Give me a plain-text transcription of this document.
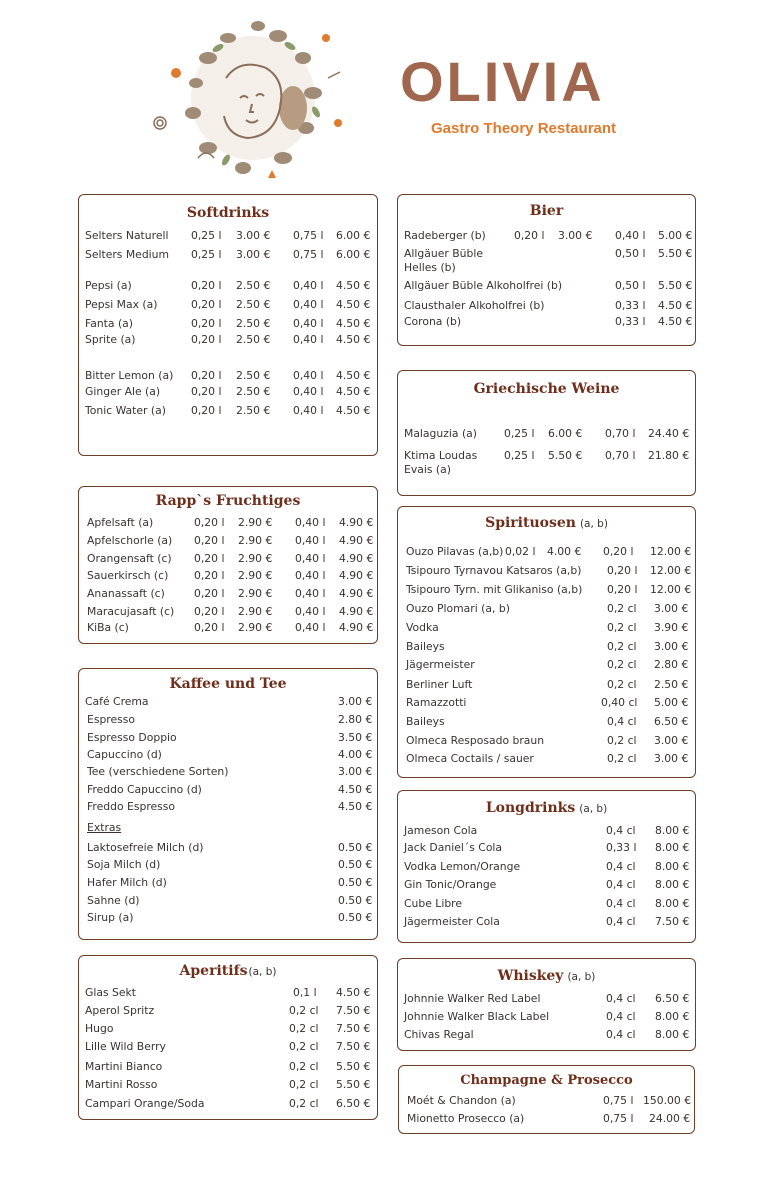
OLIVIA
Gastro Theory Restaurant
Softdrinks
Selters Naturell 0,25 l 3.00 € 0,75 l 6.00 €
Selters Medium 0,25 l 3.00 € 0,75 l 6.00 €
Pepsi (a)	0,20 l 2.50 € 0,40 l 4.50 €
Pepsi Max (a)	0,20 l 2.50 € 0,40 l 4.50 €
Fanta (a)	0,20 l 2.50 € 0,40 l 4.50 €
Sprite (a)	0,20 l 2.50 € 0,40 l 4.50 €
Bitter Lemon (a) 0,20 l 2.50 € 0,40 l 4.50 €
Ginger Ale (a)	0,20 l 2.50 € 0,40 l 4.50 €
Tonic Water (a) 0,20 l 2.50 € 0,40 l 4.50 €
Rapp`s Fruchtiges
Apfelsaft (a)	0,20 l 2.90 € 0,40 l 4.90 €
Apfelschorle (a) 0,20 l 2.90 € 0,40 l 4.90 €
Orangensaft (c) 0,20 l 2.90 € 0,40 l 4.90 €
Sauerkirsch (c) 0,20 l 2.90 € 0,40 l 4.90 €
Ananassaft (c)	0,20 l 2.90 € 0,40 l 4.90 €
Maracujasaft (c) 0,20 l 2.90 € 0,40 l 4.90 €
KiBa (c)	0,20 l 2.90 € 0,40 l 4.90 €
Kaffee und Tee
Café Crema	3.00 €
Espresso	2.80 €
Espresso Doppio	3.50 €
Capuccino (d)	4.00 €
Tee (verschiedene Sorten)	3.00 €
Freddo Capuccino (d)	4.50 €
Freddo Espresso	4.50 €
Extras
Laktosefreie Milch (d)	0.50 €
Soja Milch (d)	0.50 €
Hafer Milch (d)	0.50 €
Sahne (d)	0.50 €
Sirup (a)	0.50 €
Aperitifs(a, b)
Glas Sekt	0,1 l 4.50 €
Aperol Spritz	0,2 cl 7.50 €
Hugo	0,2 cl 7.50 €
Lille Wild Berry	0,2 cl 7.50 €
Martini Bianco	0,2 cl 5.50 €
Martini Rosso	0,2 cl 5.50 €
Campari Orange/Soda	0,2 cl 6.50 €
Bier
Radeberger (b)	0,20 l 3.00 € 0,40 l 5.00 €
Allgäuer Büble Helles (b)
0,50 l 5.50 €
Allgäuer Büble Alkoholfrei (b)	0,50 l 5.50 €
Clausthaler Alkoholfrei (b)	0,33 l 4.50 €
Corona (b)	0,33 l 4.50 €
Griechische Weine
Malaguzia (a) 0,25 l 6.00 € 0,70 l 24.40 €
Ktima Loudas Evais (a)
0,25 l 5.50 € 0,70 l 21.80 €
Spirituosen (a, b)
Ouzo Pilavas (a,b) 0,02 l 4.00 € 0,20 l 12.00 €
Tsipouro Tyrnavou Katsaros (a,b) 0,20 l 12.00 €
Tsipouro Tyrn. mit Glikaniso (a,b) 0,20 l 12.00 €
Ouzo Plomari (a, b)	0,2 cl 3.00 €
Vodka	0,2 cl 3.90 €
Baileys	0,2 cl 3.00 €
Jägermeister	0,2 cl 2.80 €
Berliner Luft	0,2 cl 2.50 €
Ramazzotti	0,40 cl 5.00 €
Baileys	0,4 cl 6.50 €
Olmeca Resposado braun	0,2 cl 3.00 €
Olmeca Coctails / sauer	0,2 cl 3.00 €
Longdrinks (a, b)
Jameson Cola	0,4 cl 8.00 €
Jack Daniel´s Cola	0,33 l 8.00 €
Vodka Lemon/Orange	0,4 cl 8.00 €
Gin Tonic/Orange	0,4 cl 8.00 €
Cube Libre	0,4 cl 8.00 €
Jägermeister Cola	0,4 cl 7.50 €
Whiskey (a, b)
Johnnie Walker Red Label	0,4 cl 6.50 €
Johnnie Walker Black Label	0,4 cl 8.00 €
Chivas Regal	0,4 cl 8.00 €
Champagne & Prosecco
Moét & Chandon (a)	0,75 l 150.00 €
Mionetto Prosecco (a)	0,75 l 24.00 €
